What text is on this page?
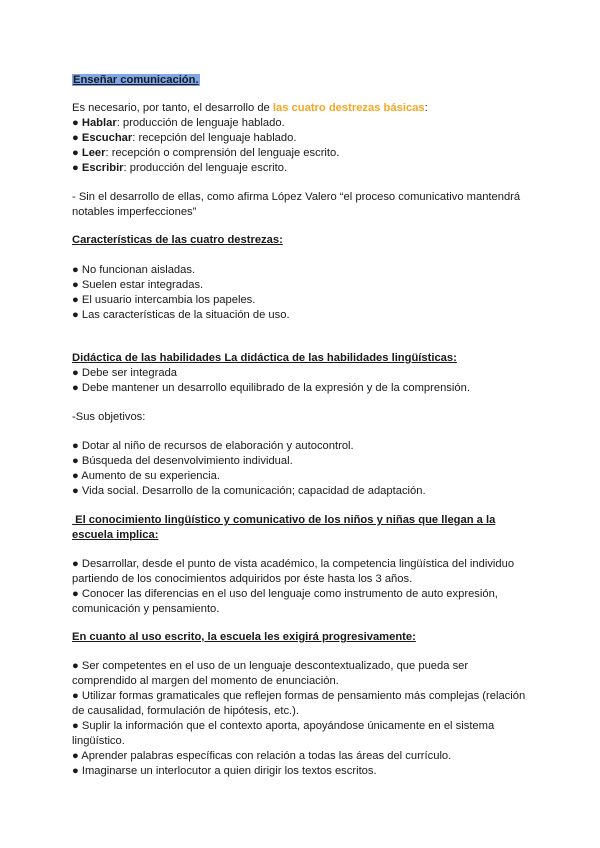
Enseñar comunicación.
Es necesario, por tanto, el desarrollo de las cuatro destrezas básicas:
● Hablar: producción de lenguaje hablado.
● Escuchar: recepción del lenguaje hablado.
● Leer: recepción o comprensión del lenguaje escrito.
● Escribir: producción del lenguaje escrito.
- Sin el desarrollo de ellas, como afirma López Valero “el proceso comunicativo mantendrá
notables imperfecciones”
Características de las cuatro destrezas:
● No funcionan aisladas.
● Suelen estar integradas.
● El usuario intercambia los papeles.
● Las características de la situación de uso.
Didáctica de las habilidades La didáctica de las habilidades lingüísticas:
● Debe ser integrada
● Debe mantener un desarrollo equilibrado de la expresión y de la comprensión.
-Sus objetivos:
● Dotar al niño de recursos de elaboración y autocontrol.
● Búsqueda del desenvolvimiento individual.
● Aumento de su experiencia.
● Vida social. Desarrollo de la comunicación; capacidad de adaptación.
El conocimiento lingüístico y comunicativo de los niños y niñas que llegan a la
escuela implica:
● Desarrollar, desde el punto de vista académico, la competencia lingüística del individuo
partiendo de los conocimientos adquiridos por éste hasta los 3 años.
● Conocer las diferencias en el uso del lenguaje como instrumento de auto expresión,
comunicación y pensamiento.
En cuanto al uso escrito, la escuela les exigirá progresivamente:
● Ser competentes en el uso de un lenguaje descontextualizado, que pueda ser
comprendido al margen del momento de enunciación.
● Utilizar formas gramaticales que reflejen formas de pensamiento más complejas (relación
de causalidad, formulación de hipótesis, etc.).
● Suplir la información que el contexto aporta, apoyándose únicamente en el sistema
lingüístico.
● Aprender palabras específicas con relación a todas las áreas del currículo.
● Imaginarse un interlocutor a quien dirigir los textos escritos.
